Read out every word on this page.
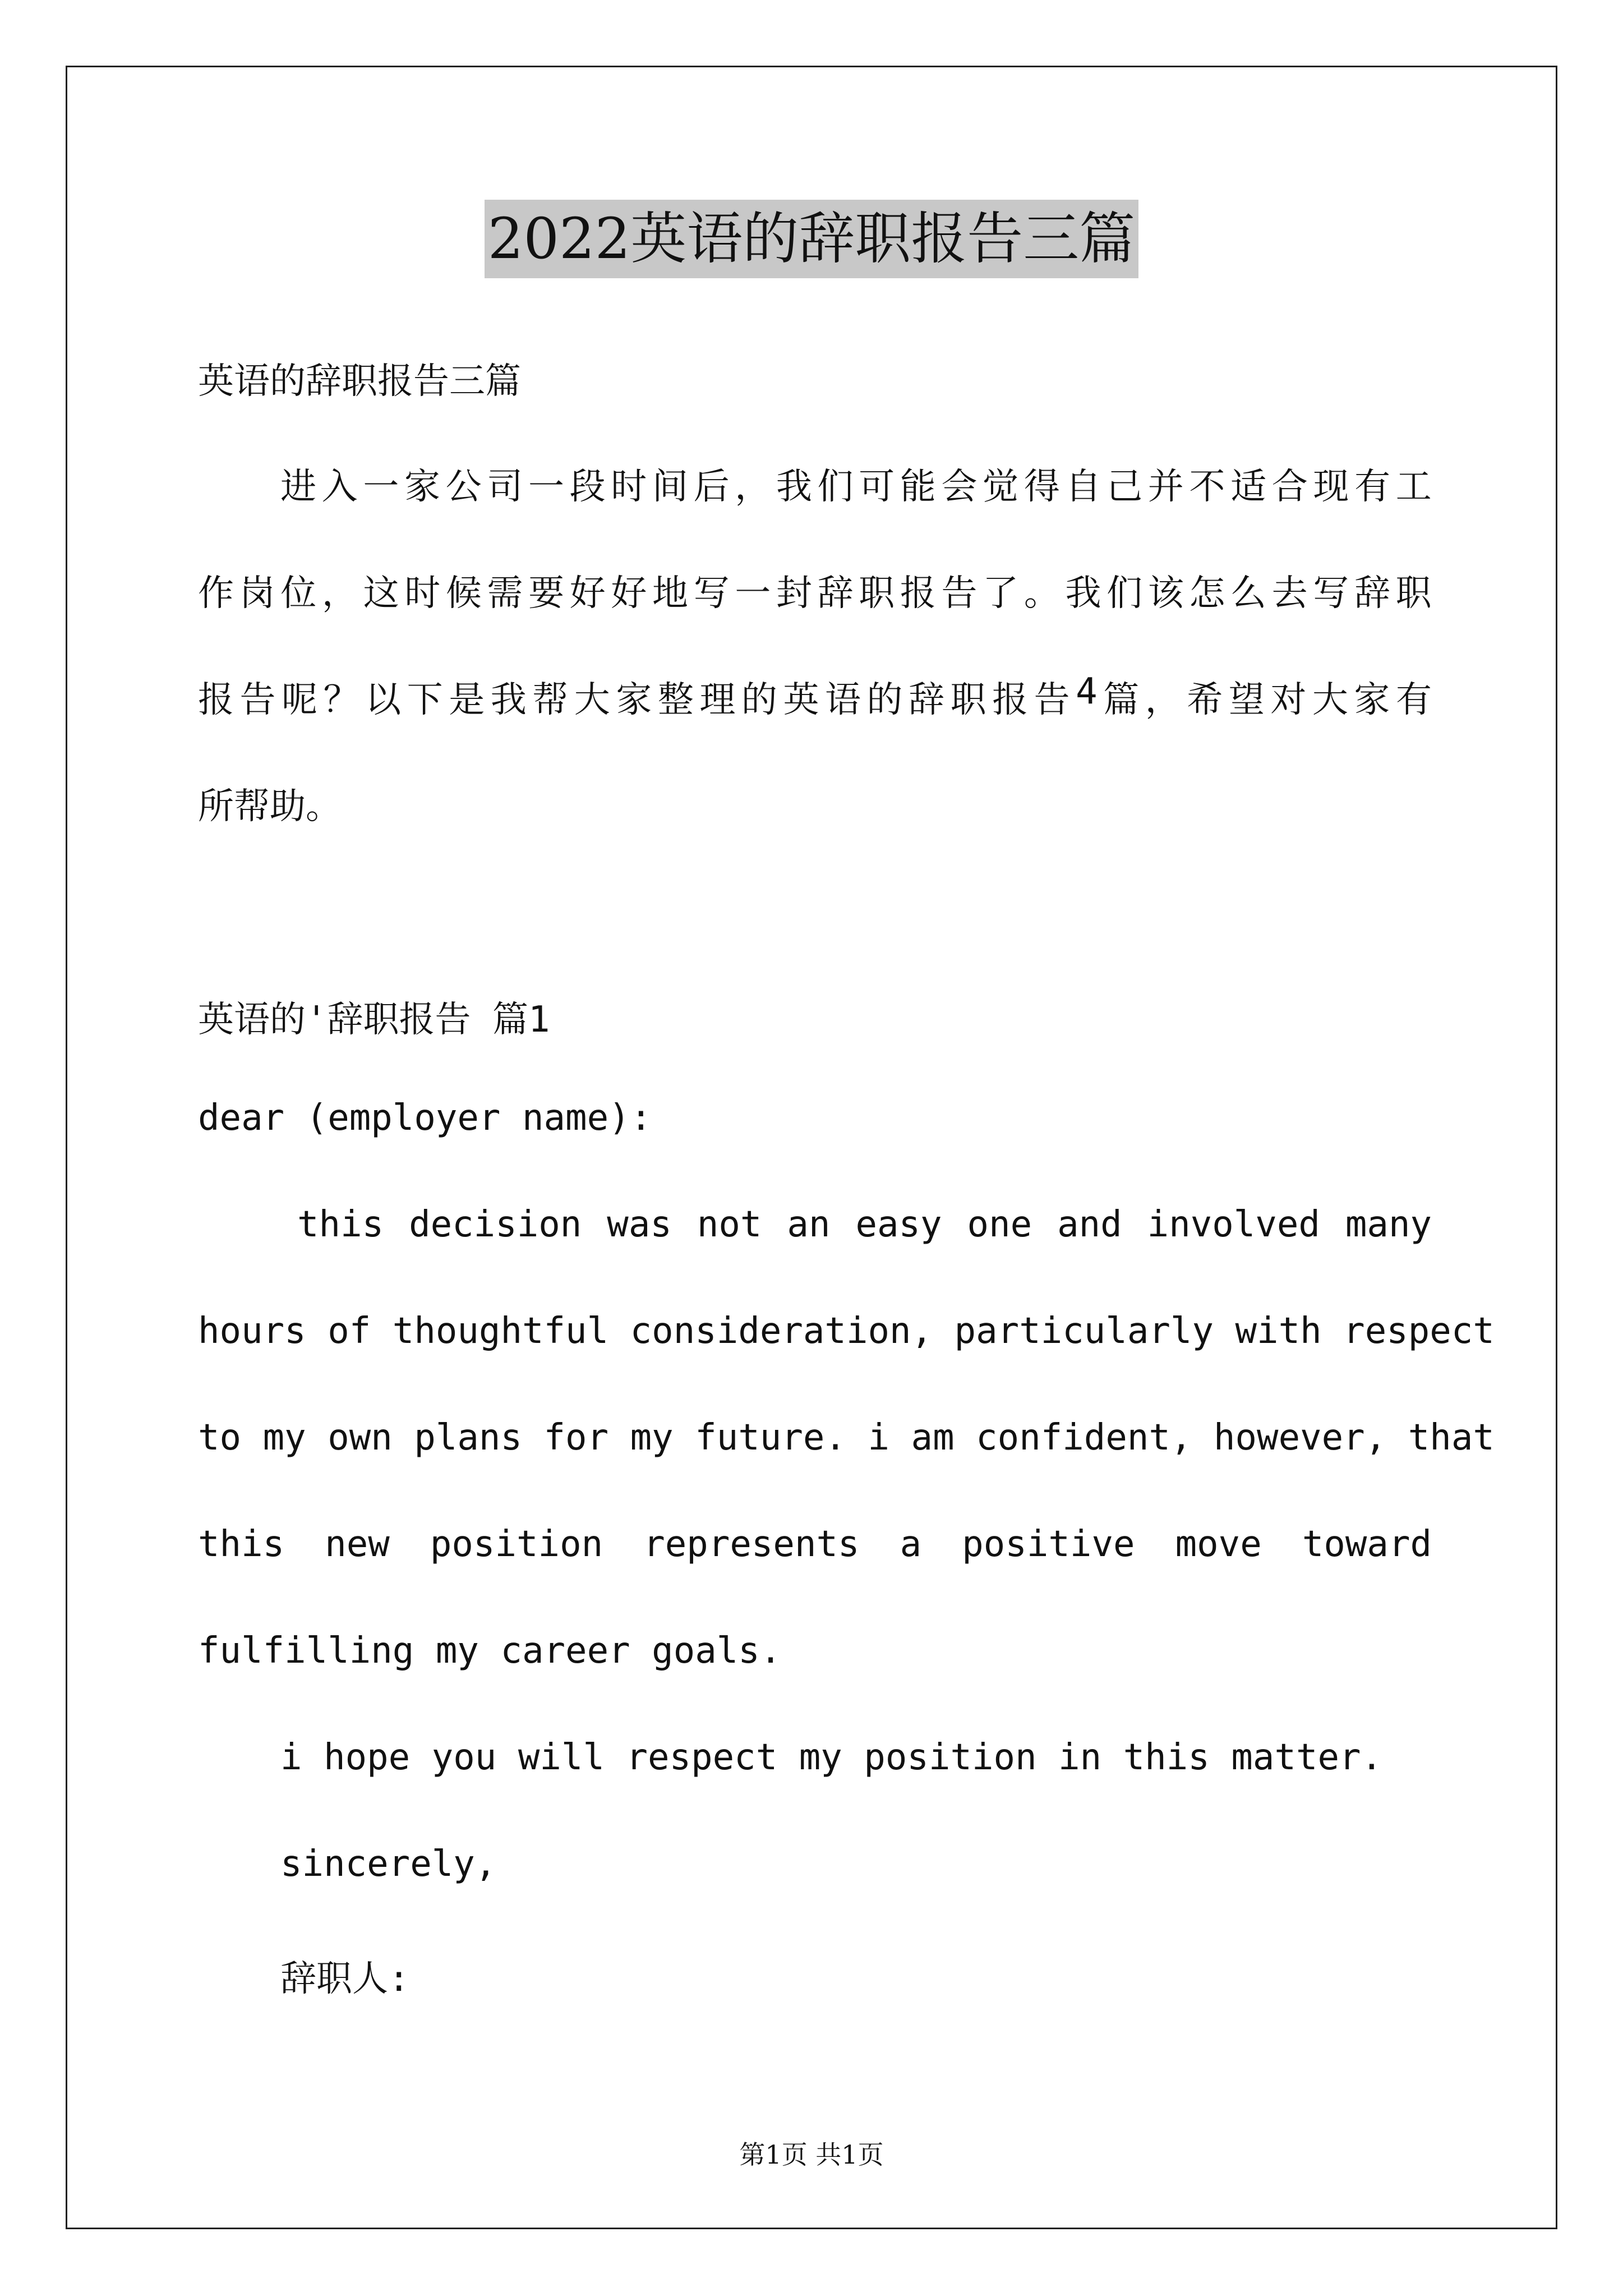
2022英语的辞职报告三篇
英语的辞职报告三篇
进 入 一 家 公 司 一 段 时 间 后 ， 我 们 可 能 会 觉 得 自 己 并 不 适 合 现 有 工
作 岗 位 ， 这 时 候 需 要 好 好 地 写 一 封 辞 职 报 告 了 。 我 们 该 怎 么 去 写 辞 职
报 告 呢 ？ 以 下 是 我 帮 大 家 整 理 的 英 语 的 辞 职 报 告 4 篇 ， 希 望 对 大 家 有
所帮助。
英语的'辞职报告 篇1
dear (employer name):
this decision was not an easy one and involved many
hours of thoughtful consideration, particularly with respect
to my own plans for my future. i am confident, however, that
this new position represents a positive move toward
fulfilling my career goals.
i hope you will respect my position in this matter.
sincerely,
辞职人:
第1页 共1页
